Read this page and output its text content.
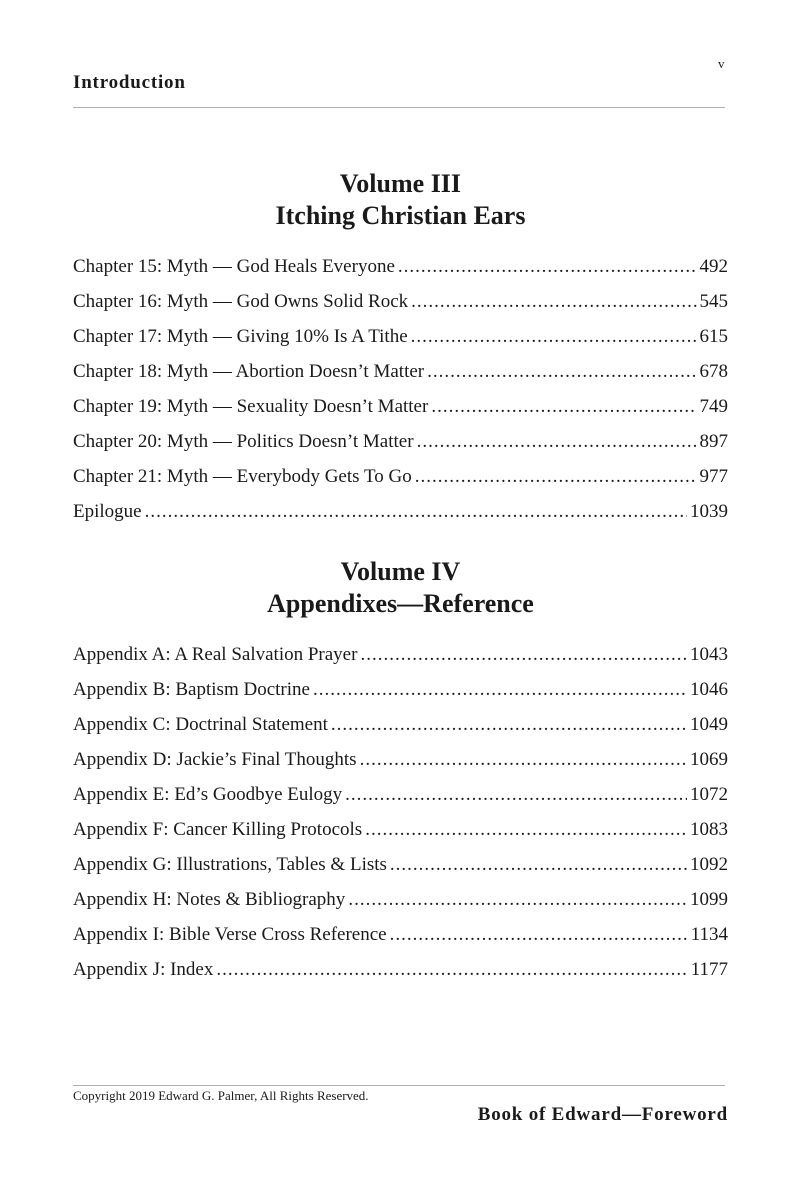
v
Introduction
Volume III
Itching Christian Ears
Chapter 15: Myth — God Heals Everyone .....	492
Chapter 16: Myth — God Owns Solid Rock .....	545
Chapter 17: Myth — Giving 10% Is A Tithe .....	615
Chapter 18: Myth — Abortion Doesn’t Matter .....	678
Chapter 19: Myth — Sexuality Doesn’t Matter .....	749
Chapter 20: Myth — Politics Doesn’t Matter .....	897
Chapter 21: Myth — Everybody Gets To Go .....	977
Epilogue .....	1039
Volume IV
Appendixes—Reference
Appendix A: A Real Salvation Prayer .....	1043
Appendix B: Baptism Doctrine .....	1046
Appendix C: Doctrinal Statement .....	1049
Appendix D: Jackie’s Final Thoughts .....	1069
Appendix E: Ed’s Goodbye Eulogy .....	1072
Appendix F: Cancer Killing Protocols .....	1083
Appendix G: Illustrations, Tables & Lists .....	1092
Appendix H: Notes & Bibliography .....	1099
Appendix I: Bible Verse Cross Reference .....	1134
Appendix J: Index .....	1177
Copyright 2019 Edward G. Palmer, All Rights Reserved.
Book of Edward—Foreword
